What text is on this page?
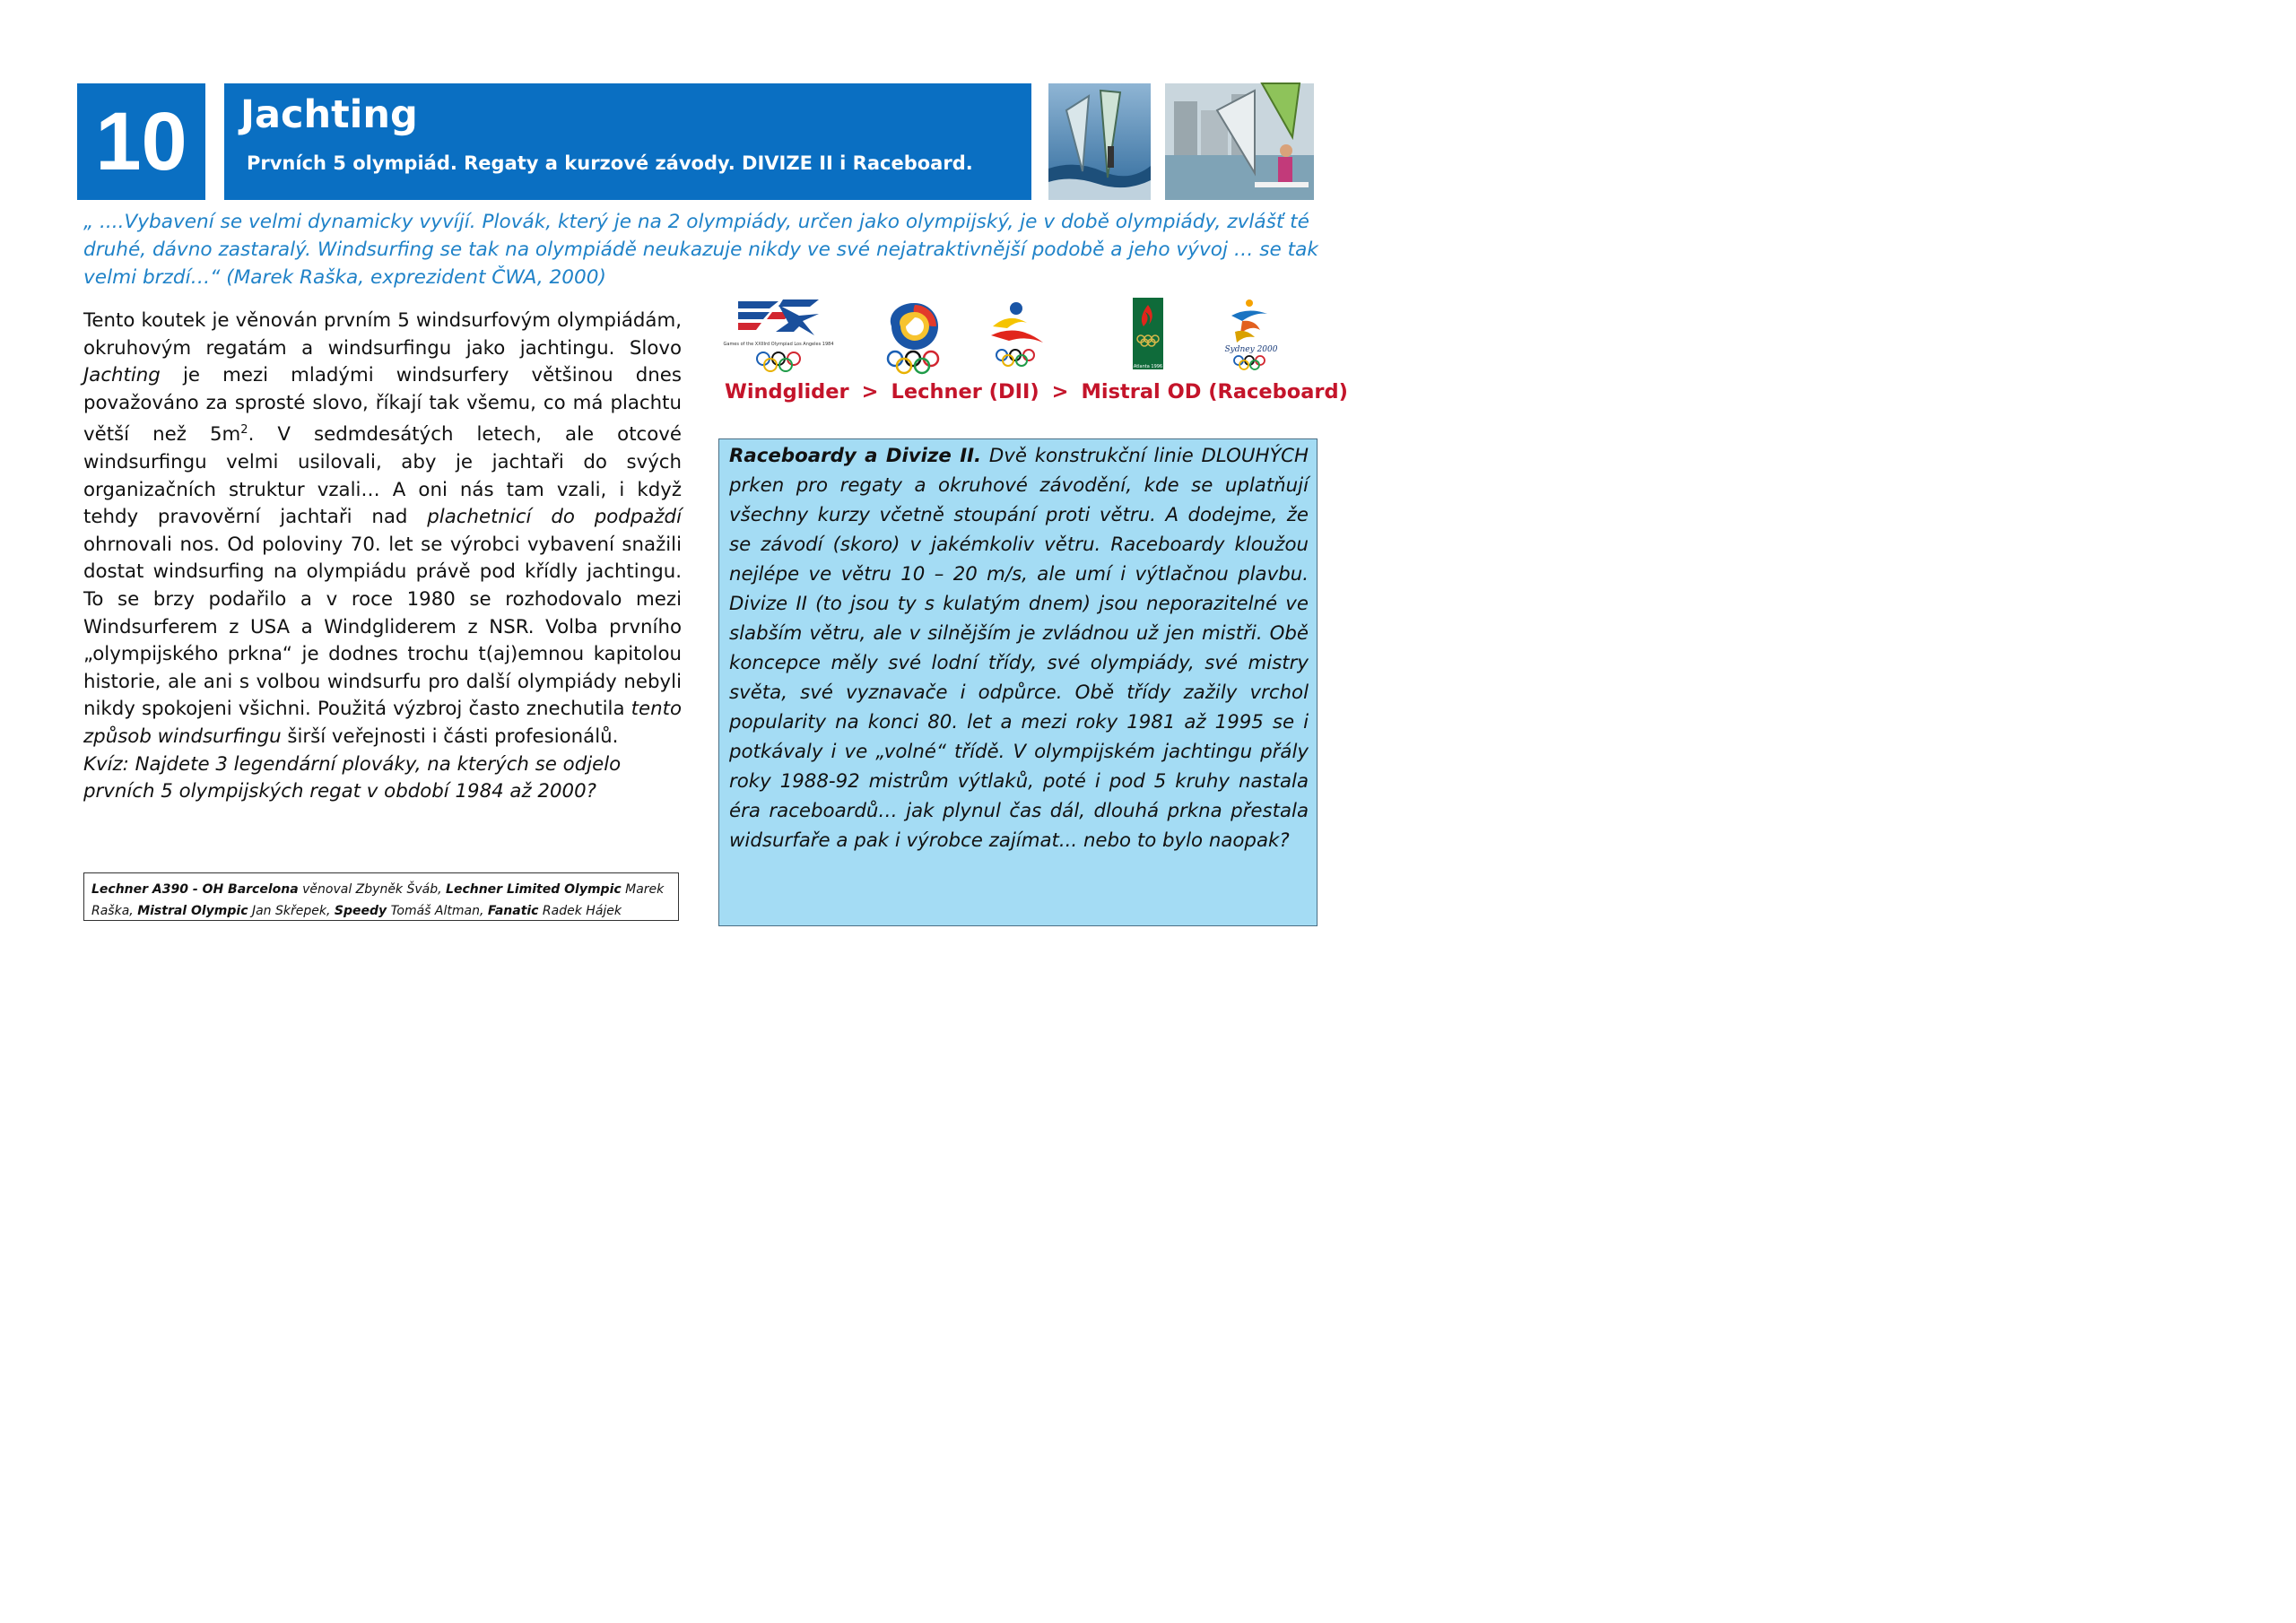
10	Jachting
Prvních 5 olympiád. Regaty a kurzové závody. DIVIZE II i Raceboard.
„ ....Vybavení se velmi dynamicky vyvíjí. Plovák, který je na 2 olympiády, určen jako olympijský, je v době olympiády, zvlášť té druhé, dávno zastaralý. Windsurfing se tak na olympiádě neukazuje nikdy ve své nejatraktivnější podobě a jeho vývoj … se tak velmi brzdí…“ (Marek Raška, exprezident ČWA, 2000)

Tento koutek je věnován prvním 5 windsurfovým olympiádám, okruhovým regatám a windsurfingu jako jachtingu. Slovo Jachting je mezi mladými windsurfery většinou dnes považováno za sprosté slovo, říkají tak všemu, co má plachtu větší než $5m^2$. V sedmdesátých letech, ale otcové windsurfingu velmi usilovali, aby je jachtaři do svých organizačních struktur vzali… A oni nás tam vzali, i když tehdy pravověrní jachtaři nad plachetnicí do podpaždí ohrnovali nos. Od poloviny 70. let se výrobci vybavení snažili dostat windsurfing na olympiádu právě pod křídly jachtingu. To se brzy podařilo a v roce 1980 se rozhodovalo mezi Windsurferem z USA a Windgliderem z NSR. Volba prvního „olympijského prkna“ je dodnes trochu t(aj)emnou kapitolou historie, ale ani s volbou windsurfu pro další olympiády nebyli nikdy spokojeni všichni. Použitá výzbroj často znechutila tento způsob windsurfingu širší veřejnosti i části profesionálů.

Kvíz: Najdete 3 legendární plováky, na kterých se odjelo prvních 5 olympijských regat v období 1984 až 2000?

Lechner A390 - OH Barcelona věnoval Zbyněk Šváb, Lechner Limited Olympic Marek Raška, Mistral Olympic Jan Skřepek, Speedy Tomáš Altman, Fanatic Radek Hájek
Games of the XXIIIrd Olympiad Los Angeles 1984
Atlanta 1996
Sydney 2000
Windglider > Lechner (DII) > Mistral OD (Raceboard)
Raceboardy a Divize II. Dvě konstrukční linie DLOUHÝCH prken pro regaty a okruhové závodění, kde se uplatňují všechny kurzy včetně stoupání proti větru. A dodejme, že se závodí (skoro) v jakémkoliv větru. Raceboardy kloužou nejlépe ve větru 10 – 20 m/s, ale umí i výtlačnou plavbu. Divize II (to jsou ty s kulatým dnem) jsou neporazitelné ve slabším větru, ale v silnějším je zvládnou už jen mistři. Obě koncepce měly své lodní třídy, své olympiády, své mistry světa, své vyznavače i odpůrce. Obě třídy zažily vrchol popularity na konci 80. let a mezi roky 1981 až 1995 se i potkávaly i ve „volné“ třídě. V olympijském jachtingu přály roky 1988-92 mistrům výtlaků, poté i pod 5 kruhy nastala éra raceboardů… jak plynul čas dál, dlouhá prkna přestala widsurfaře a pak i výrobce zajímat... nebo to bylo naopak?
